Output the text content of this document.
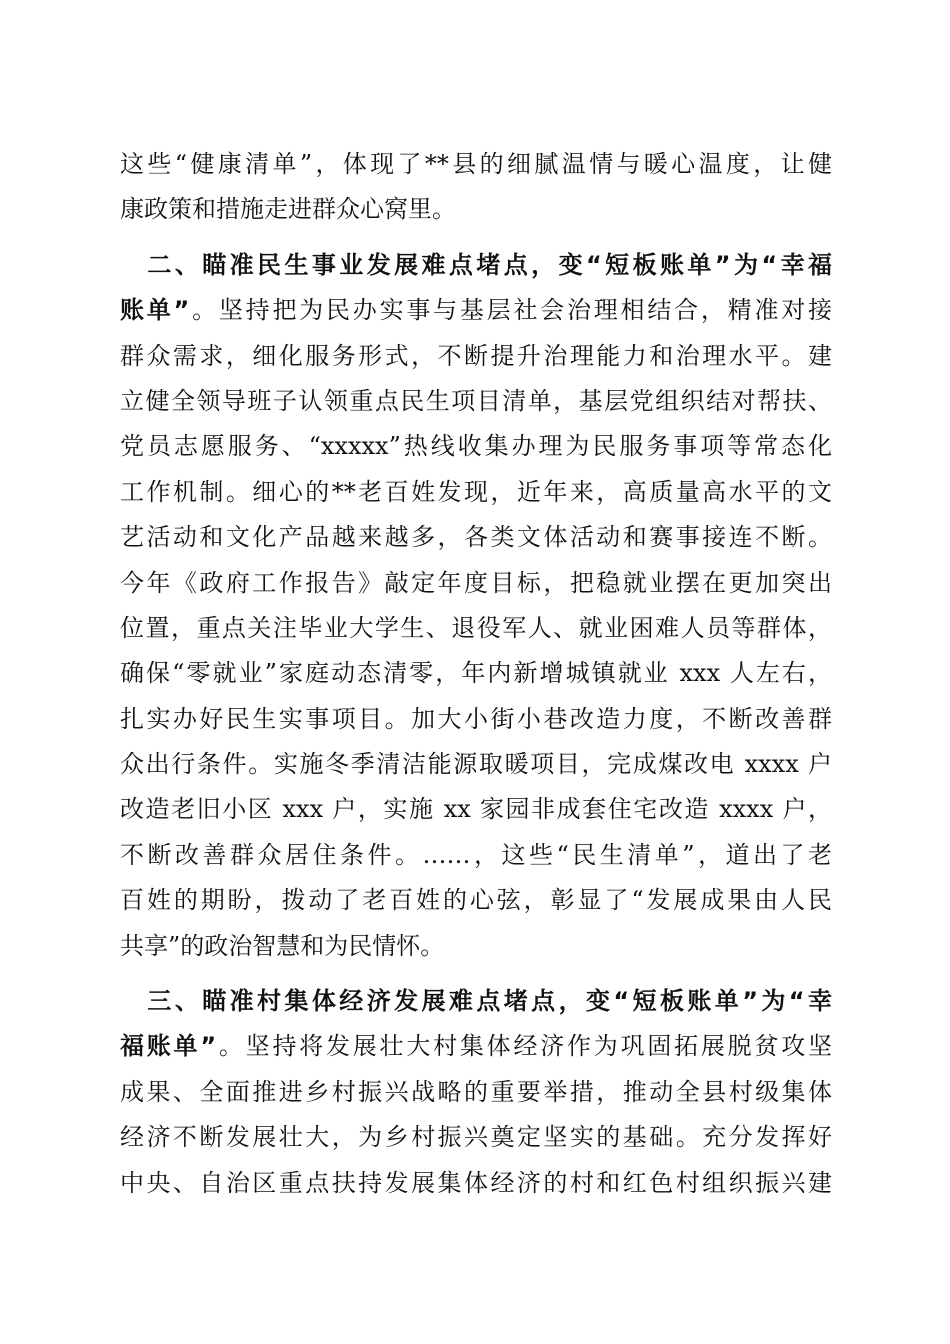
这些“健康清单”，体现了**县的细腻温情与暖心温度，让健
康政策和措施走进群众心窝里。
　二、瞄准民生事业发展难点堵点，变“短板账单”为“幸福
账单”。坚持把为民办实事与基层社会治理相结合，精准对接
群众需求，细化服务形式，不断提升治理能力和治理水平。建
立健全领导班子认领重点民生项目清单，基层党组织结对帮扶、
党员志愿服务、“xxxxx”热线收集办理为民服务事项等常态化
工作机制。细心的**老百姓发现，近年来，高质量高水平的文
艺活动和文化产品越来越多，各类文体活动和赛事接连不断。
今年《政府工作报告》敲定年度目标，把稳就业摆在更加突出
位置，重点关注毕业大学生、退役军人、就业困难人员等群体，
确保“零就业”家庭动态清零，年内新增城镇就业 xxx 人左右，
扎实办好民生实事项目。加大小街小巷改造力度，不断改善群
众出行条件。实施冬季清洁能源取暖项目，完成煤改电 xxxx 户
改造老旧小区 xxx 户，实施 xx 家园非成套住宅改造 xxxx 户，
不断改善群众居住条件。……，这些“民生清单”，道出了老
百姓的期盼，拨动了老百姓的心弦，彰显了“发展成果由人民
共享”的政治智慧和为民情怀。
　三、瞄准村集体经济发展难点堵点，变“短板账单”为“幸
福账单”。坚持将发展壮大村集体经济作为巩固拓展脱贫攻坚
成果、全面推进乡村振兴战略的重要举措，推动全县村级集体
经济不断发展壮大，为乡村振兴奠定坚实的基础。充分发挥好
中央、自治区重点扶持发展集体经济的村和红色村组织振兴建
